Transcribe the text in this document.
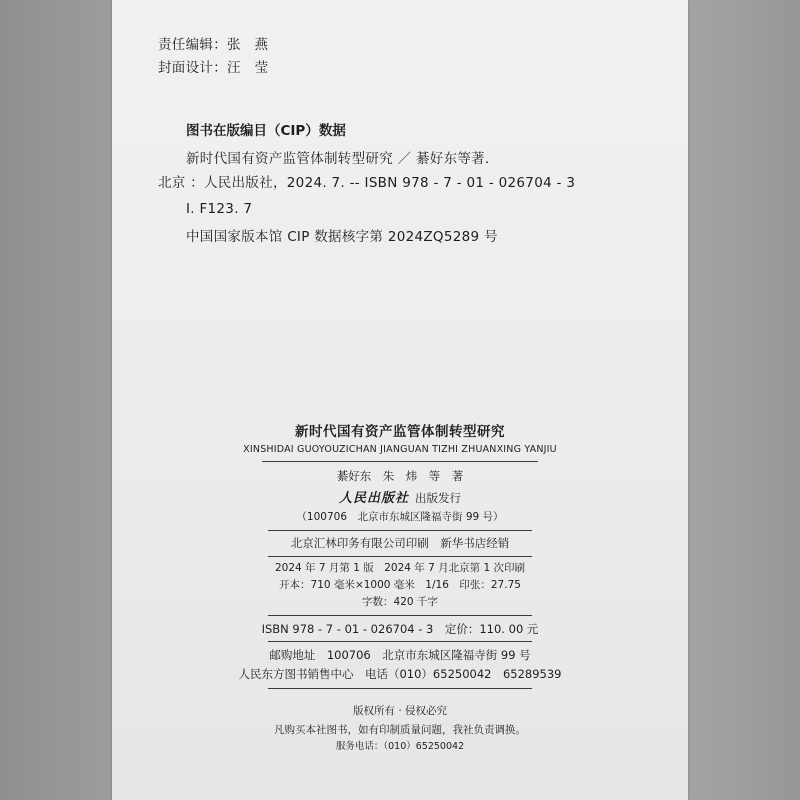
责任编辑：张　燕

封面设计：汪　莹

图书在版编目（CIP）数据

新时代国有资产监管体制转型研究 ／ 綦好东等著．

北京 ：人民出版社，2024. 7. -- ISBN 978 - 7 - 01 - 026704 - 3

Ⅰ. F123. 7

中国国家版本馆 CIP 数据核字第 2024ZQ5289 号

新时代国有资产监管体制转型研究

XINSHIDAI GUOYOUZICHAN JIANGUAN TIZHI ZHUANXING YANJIU

綦好东　朱　炜　等　著

人民出版社 出版发行

（100706　北京市东城区隆福寺街 99 号）

北京汇林印务有限公司印刷　新华书店经销

2024 年 7 月第 1 版　2024 年 7 月北京第 1 次印刷

开本：710 毫米×1000 毫米　1/16　印张：27.75

字数：420 千字

ISBN 978 - 7 - 01 - 026704 - 3　定价：110. 00 元

邮购地址　100706　北京市东城区隆福寺街 99 号

人民东方图书销售中心　电话（010）65250042　65289539

版权所有 · 侵权必究

凡购买本社图书，如有印制质量问题，我社负责调换。

服务电话：（010）65250042
